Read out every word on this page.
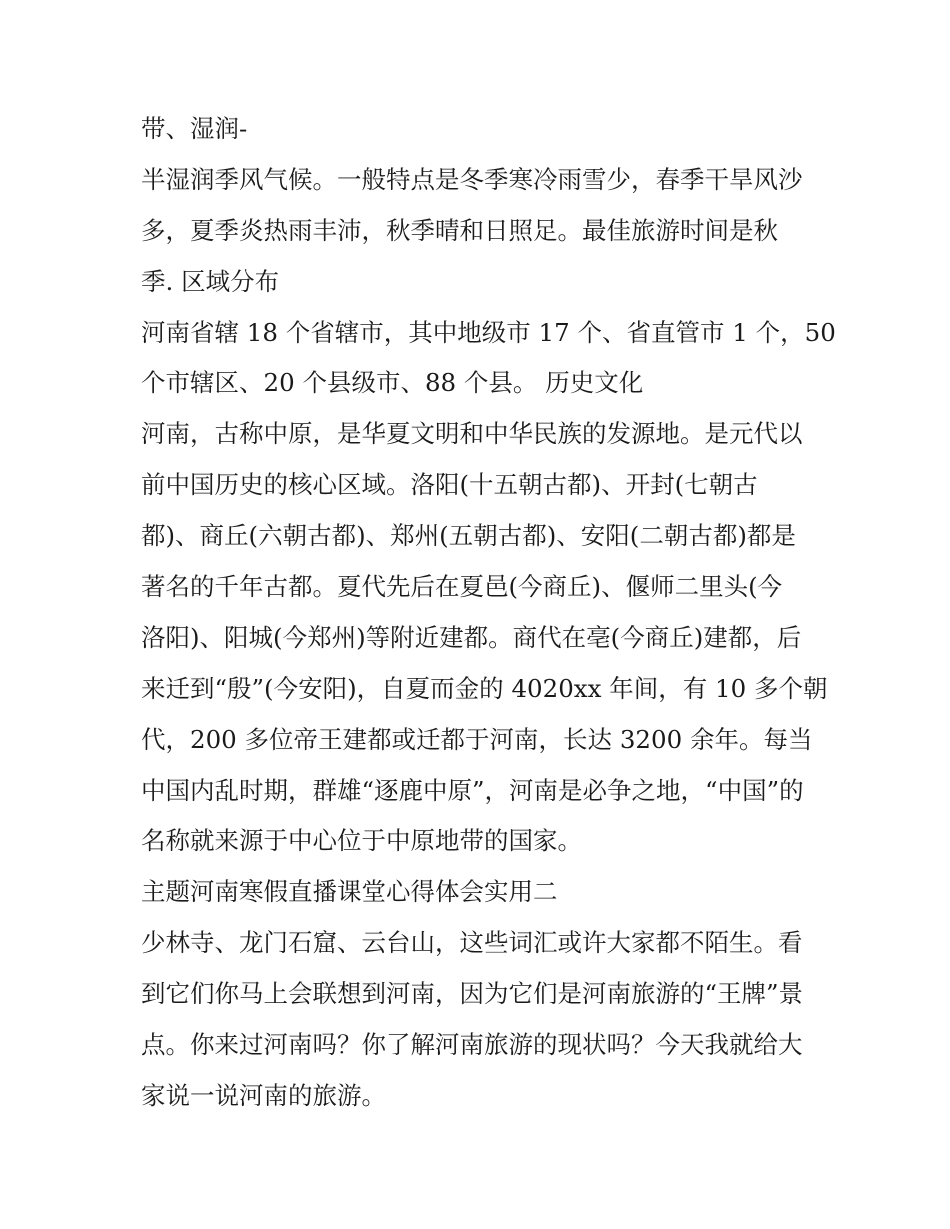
带、湿润-
半湿润季风气候。一般特点是冬季寒冷雨雪少，春季干旱风沙
多，夏季炎热雨丰沛，秋季晴和日照足。最佳旅游时间是秋
季. 区域分布
河南省辖 18 个省辖市，其中地级市 17 个、省直管市 1 个，50
个市辖区、20 个县级市、88 个县。 历史文化
河南，古称中原，是华夏文明和中华民族的发源地。是元代以
前中国历史的核心区域。洛阳(十五朝古都)、开封(七朝古
都)、商丘(六朝古都)、郑州(五朝古都)、安阳(二朝古都)都是
著名的千年古都。夏代先后在夏邑(今商丘)、偃师二里头(今
洛阳)、阳城(今郑州)等附近建都。商代在亳(今商丘)建都，后
来迁到“殷”(今安阳)，自夏而金的 4020xx 年间，有 10 多个朝
代，200 多位帝王建都或迁都于河南，长达 3200 余年。每当
中国内乱时期，群雄“逐鹿中原”，河南是必争之地，“中国”的
名称就来源于中心位于中原地带的国家。
主题河南寒假直播课堂心得体会实用二
少林寺、龙门石窟、云台山，这些词汇或许大家都不陌生。看
到它们你马上会联想到河南，因为它们是河南旅游的“王牌”景
点。你来过河南吗？你了解河南旅游的现状吗？今天我就给大
家说一说河南的旅游。
